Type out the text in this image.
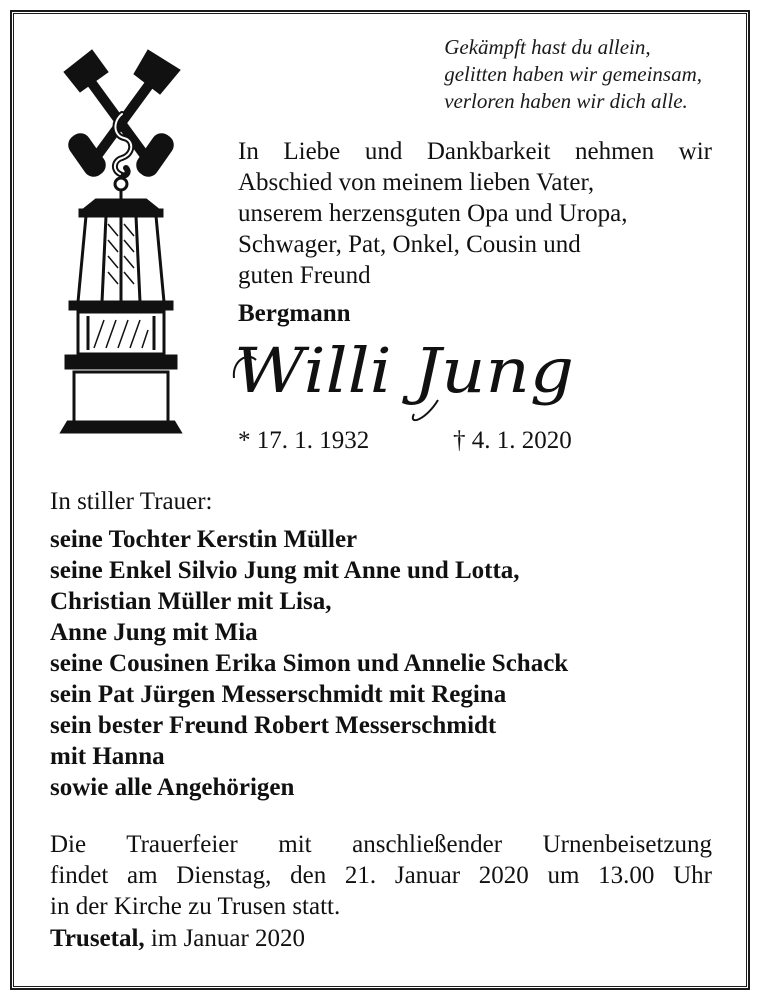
Gekämpft hast du allein,
gelitten haben wir gemeinsam,
verloren haben wir dich alle.
In Liebe und Dankbarkeit nehmen wir
Abschied von meinem lieben Vater,
unserem herzensguten Opa und Uropa,
Schwager, Pat, Onkel, Cousin und
guten Freund
Bergmann
Willi Jung
* 17. 1. 1932	† 4. 1. 2020
In stiller Trauer:
seine Tochter Kerstin Müller
seine Enkel Silvio Jung mit Anne und Lotta,
Christian Müller mit Lisa,
Anne Jung mit Mia
seine Cousinen Erika Simon und Annelie Schack
sein Pat Jürgen Messerschmidt mit Regina
sein bester Freund Robert Messerschmidt
mit Hanna
sowie alle Angehörigen
Die Trauerfeier mit anschließender Urnenbeisetzung
findet am Dienstag, den 21. Januar 2020 um 13.00 Uhr
in der Kirche zu Trusen statt.
Trusetal, im Januar 2020
